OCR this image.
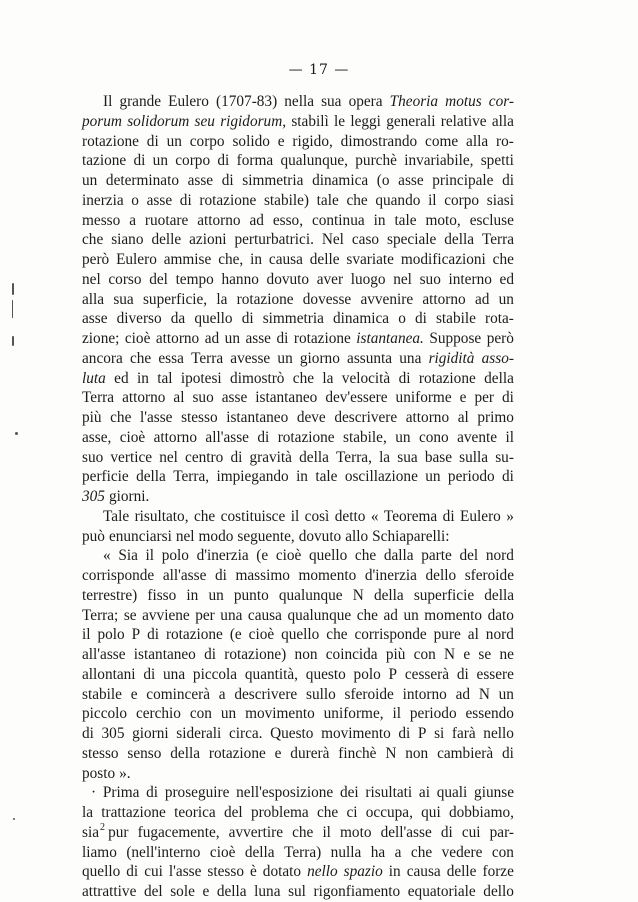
— 17 —
Il grande Eulero (1707-83) nella sua opera Theoria motus cor-
porum solidorum seu rigidorum, stabilì le leggi generali relative alla
rotazione di un corpo solido e rigido, dimostrando come alla ro-
tazione di un corpo di forma qualunque, purchè invariabile, spetti
un determinato asse di simmetria dinamica (o asse principale di
inerzia o asse di rotazione stabile) tale che quando il corpo siasi
messo a ruotare attorno ad esso, continua in tale moto, escluse
che siano delle azioni perturbatrici. Nel caso speciale della Terra
però Eulero ammise che, in causa delle svariate modificazioni che
nel corso del tempo hanno dovuto aver luogo nel suo interno ed
alla sua superficie, la rotazione dovesse avvenire attorno ad un
asse diverso da quello di simmetria dinamica o di stabile rota-
zione; cioè attorno ad un asse di rotazione istantanea. Suppose però
ancora che essa Terra avesse un giorno assunta una rigidità asso-
luta ed in tal ipotesi dimostrò che la velocità di rotazione della
Terra attorno al suo asse istantaneo dev'essere uniforme e per di
più che l'asse stesso istantaneo deve descrivere attorno al primo
asse, cioè attorno all'asse di rotazione stabile, un cono avente il
suo vertice nel centro di gravità della Terra, la sua base sulla su-
perficie della Terra, impiegando in tale oscillazione un periodo di
305 giorni.
Tale risultato, che costituisce il così detto « Teorema di Eulero »
può enunciarsi nel modo seguente, dovuto allo Schiaparelli:
« Sia il polo d'inerzia (e cioè quello che dalla parte del nord
corrisponde all'asse di massimo momento d'inerzia dello sferoide
terrestre) fisso in un punto qualunque N della superficie della
Terra; se avviene per una causa qualunque che ad un momento dato
il polo P di rotazione (e cioè quello che corrisponde pure al nord
all'asse istantaneo di rotazione) non coincida più con N e se ne
allontani di una piccola quantità, questo polo P cesserà di essere
stabile e comincerà a descrivere sullo sferoide intorno ad N un
piccolo cerchio con un movimento uniforme, il periodo essendo
di 305 giorni siderali circa. Questo movimento di P si farà nello
stesso senso della rotazione e durerà finchè N non cambierà di
posto ».
· Prima di proseguire nell'esposizione dei risultati ai quali giunse
la trattazione teorica del problema che ci occupa, qui dobbiamo,
sia pur fugacemente, avvertire che il moto dell'asse di cui par-
liamo (nell'interno cioè della Terra) nulla ha a che vedere con
quello di cui l'asse stesso è dotato nello spazio in causa delle forze
attrattive del sole e della luna sul rigonfiamento equatoriale dello
2
